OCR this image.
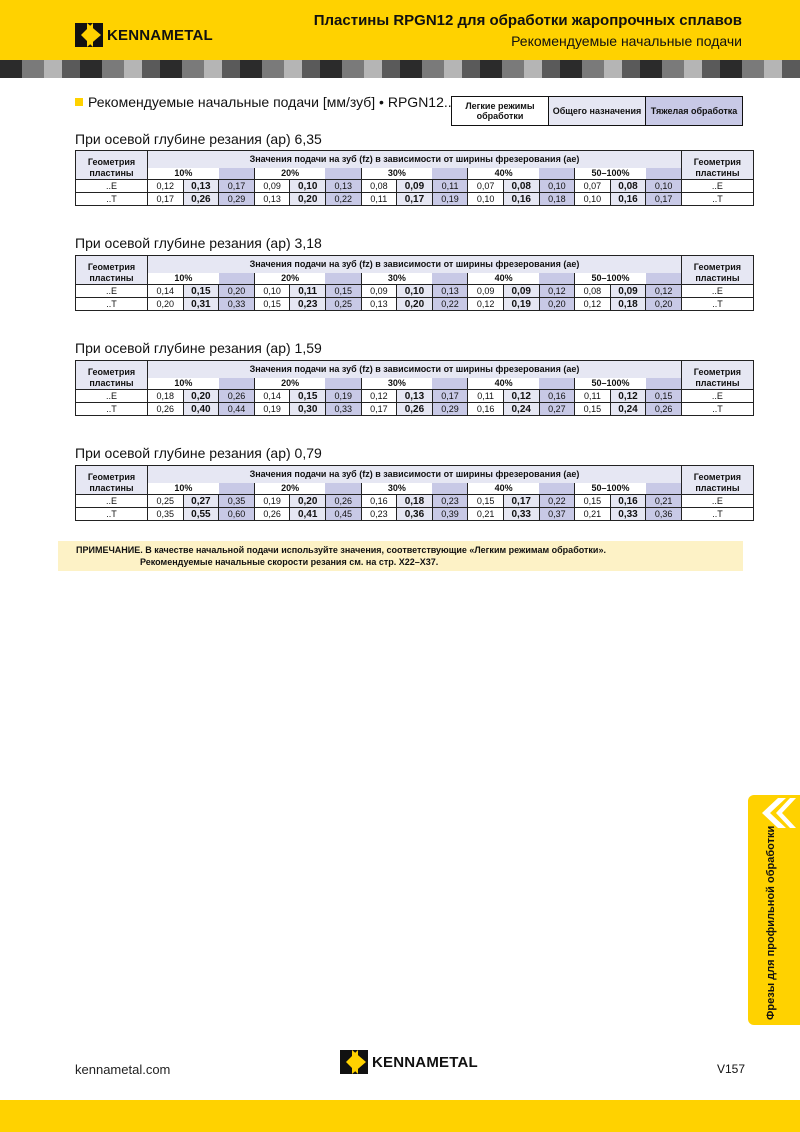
KENNAMETAL
Пластины RPGN12 для обработки жаропрочных сплавов
Рекомендуемые начальные подачи
Рекомендуемые начальные подачи [мм/зуб] • RPGN12..	Легкие режимы обработки
Общего назначения	Тяжелая обработка
При осевой глубине резания (ap) 6,35
Геометрия пластины	Значения подачи на зуб (fz) в зависимости от ширины фрезерования (ae)															Геометрия пластины
	10%			20%			30%			40%			50–100%			
..E	0,12	0,13	0,17	0,09	0,10	0,13	0,08	0,09	0,11	0,07	0,08	0,10	0,07	0,08	0,10	..E
..T	0,17	0,26	0,29	0,13	0,20	0,22	0,11	0,17	0,19	0,10	0,16	0,18	0,10	0,16	0,17	..T
При осевой глубине резания (ap) 3,18
Геометрия пластины	Значения подачи на зуб (fz) в зависимости от ширины фрезерования (ae)															Геометрия пластины
	10%			20%			30%			40%			50–100%			
..E	0,14	0,15	0,20	0,10	0,11	0,15	0,09	0,10	0,13	0,09	0,09	0,12	0,08	0,09	0,12	..E
..T	0,20	0,31	0,33	0,15	0,23	0,25	0,13	0,20	0,22	0,12	0,19	0,20	0,12	0,18	0,20	..T
При осевой глубине резания (ap) 1,59
Геометрия пластины	Значения подачи на зуб (fz) в зависимости от ширины фрезерования (ae)															Геометрия пластины
	10%			20%			30%			40%			50–100%			
..E	0,18	0,20	0,26	0,14	0,15	0,19	0,12	0,13	0,17	0,11	0,12	0,16	0,11	0,12	0,15	..E
..T	0,26	0,40	0,44	0,19	0,30	0,33	0,17	0,26	0,29	0,16	0,24	0,27	0,15	0,24	0,26	..T
При осевой глубине резания (ap) 0,79
Геометрия пластины	Значения подачи на зуб (fz) в зависимости от ширины фрезерования (ae)															Геометрия пластины
	10%			20%			30%			40%			50–100%			
..E	0,25	0,27	0,35	0,19	0,20	0,26	0,16	0,18	0,23	0,15	0,17	0,22	0,15	0,16	0,21	..E
..T	0,35	0,55	0,60	0,26	0,41	0,45	0,23	0,36	0,39	0,21	0,33	0,37	0,21	0,33	0,36	..T
ПРИМЕЧАНИЕ. В качестве начальной подачи используйте значения, соответствующие «Легким режимам обработки».
Рекомендуемые начальные скорости резания см. на стр. X22–X37.
Фрезы для профильной обработки
kennametal.com	KENNAMETAL	V157
